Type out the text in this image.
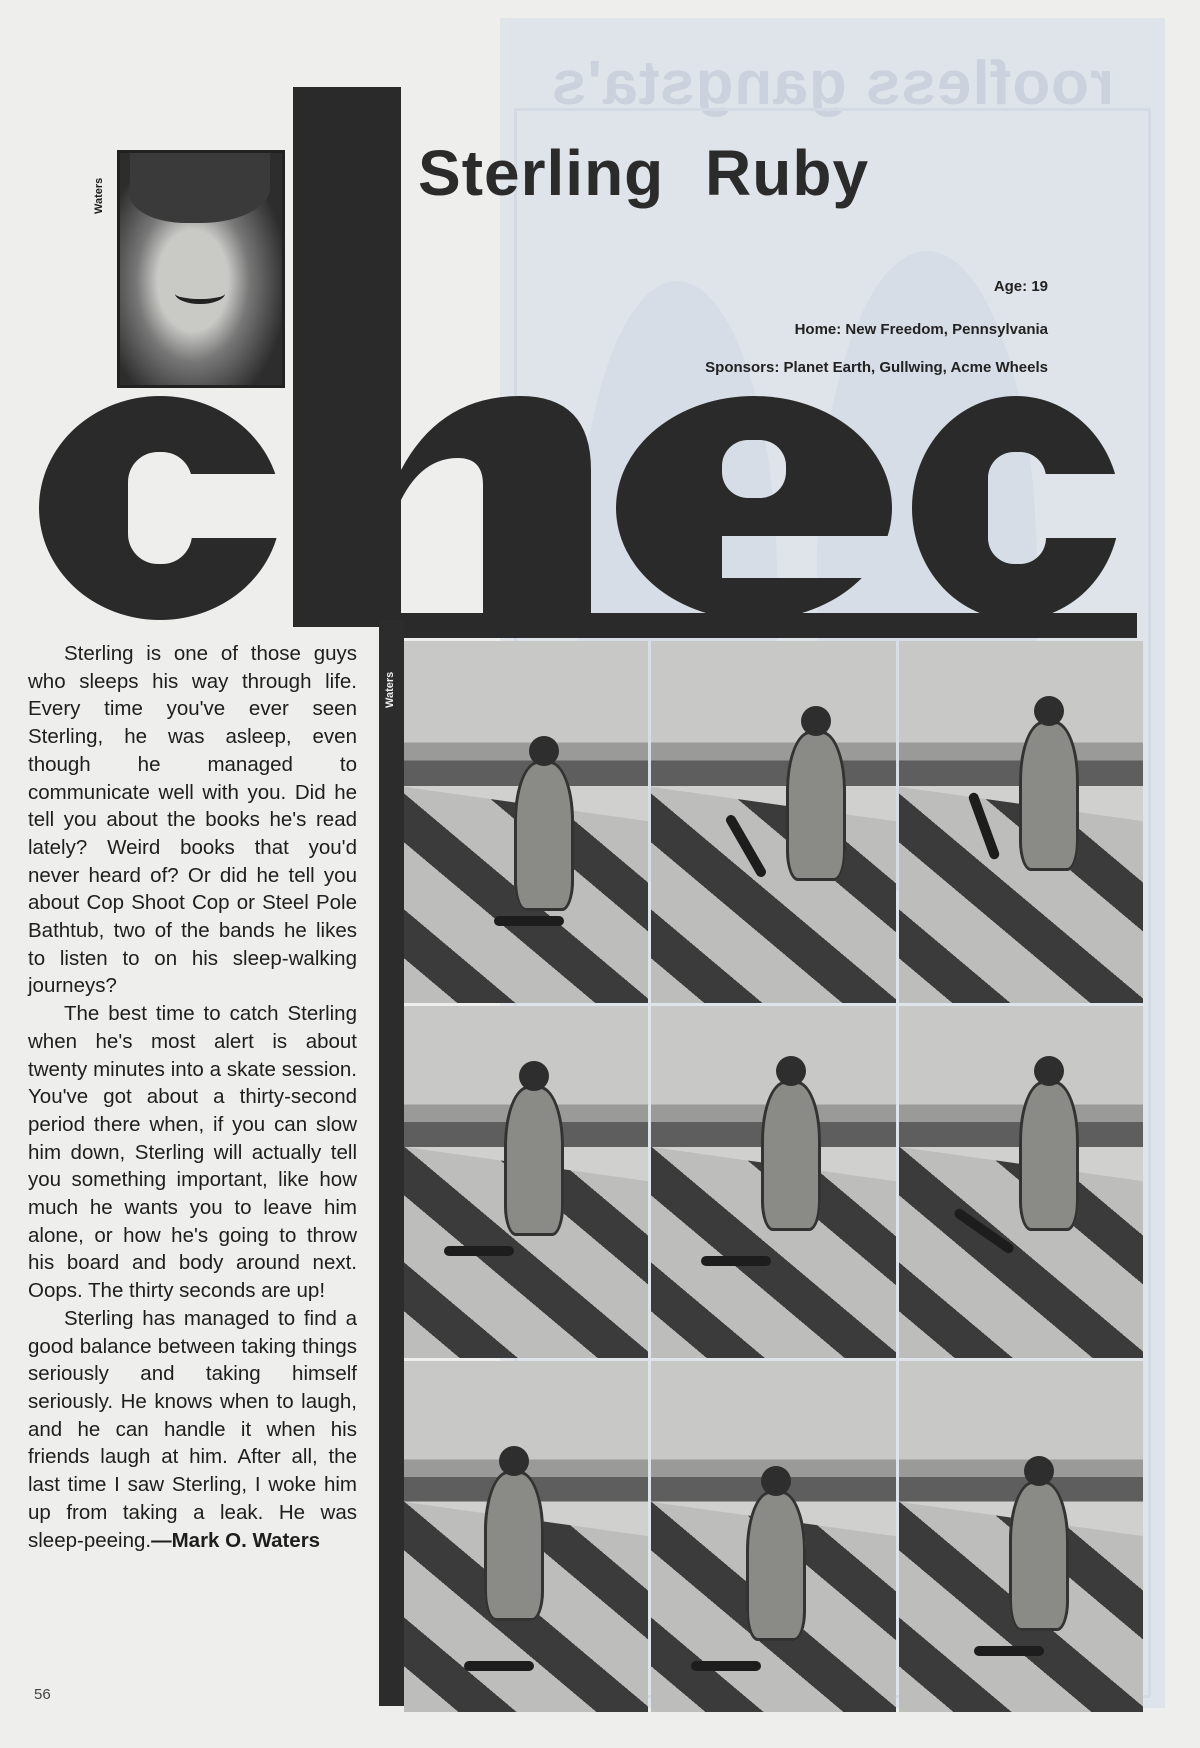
roofless gangsta's
Waters	Sterling Ruby
Age: 19
Home: New Freedom, Pennsylvania
Sponsors: Planet Earth, Gullwing, Acme Wheels
Waters

Sterling is one of those guys who sleeps his way through life. Every time you've ever seen Sterling, he was asleep, even though he managed to communicate well with you. Did he tell you about the books he's read lately? Weird books that you'd never heard of? Or did he tell you about Cop Shoot Cop or Steel Pole Bathtub, two of the bands he likes to listen to on his sleep-walking journeys?

The best time to catch Sterling when he's most alert is about twenty minutes into a skate session. You've got about a thirty-second period there when, if you can slow him down, Sterling will actually tell you something important, like how much he wants you to leave him alone, or how he's going to throw his board and body around next. Oops. The thirty seconds are up!

Sterling has managed to find a good balance between taking things seriously and taking himself seriously. He knows when to laugh, and he can handle it when his friends laugh at him. After all, the last time I saw Sterling, I woke him up from taking a leak. He was sleep-peeing.—Mark O. Waters

56
